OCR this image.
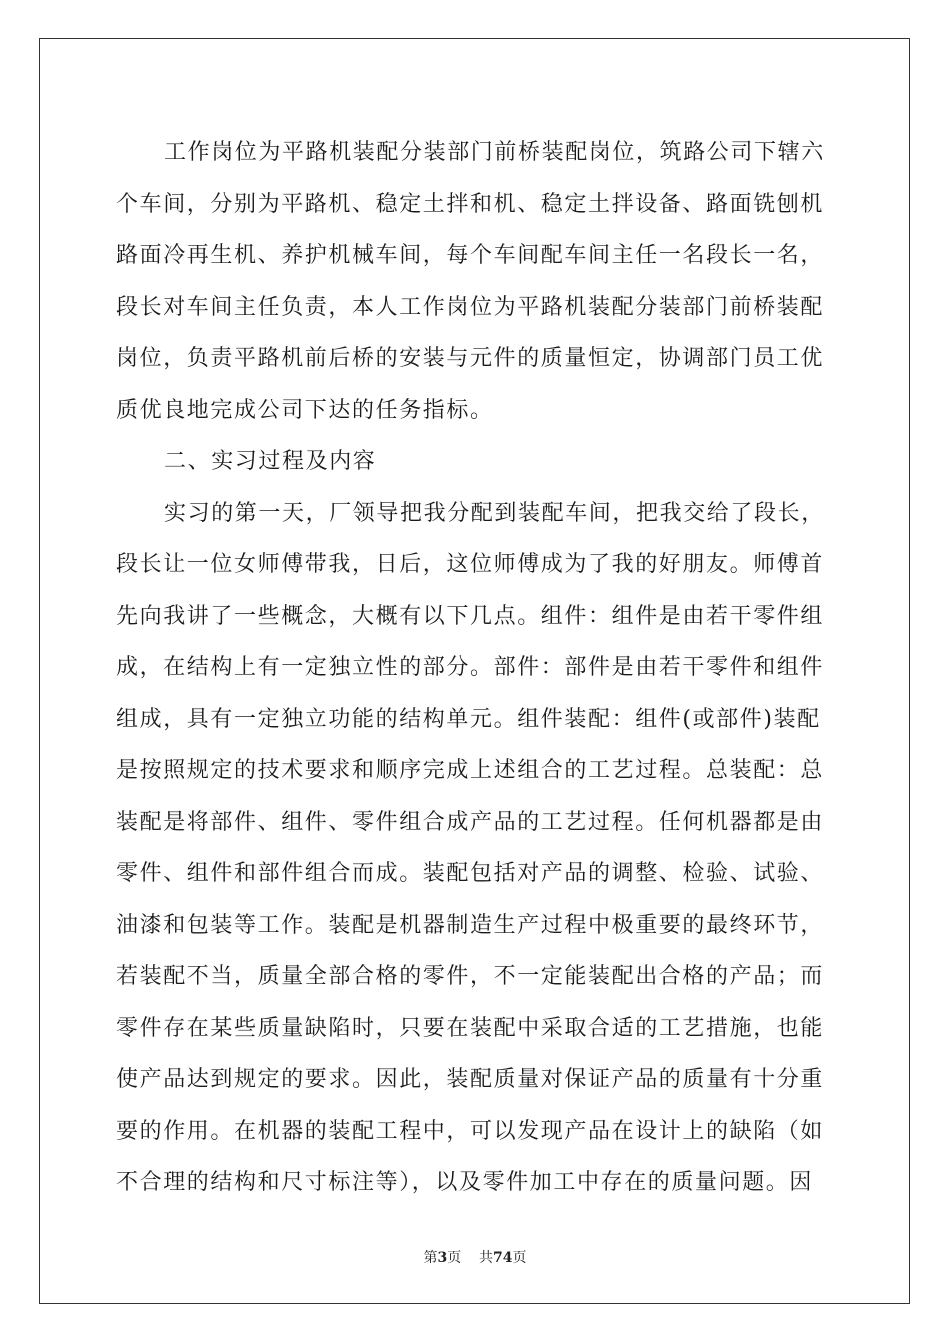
工作岗位为平路机装配分装部门前桥装配岗位，筑路公司下辖六
个车间，分别为平路机、稳定土拌和机、稳定土拌设备、路面铣刨机
路面冷再生机、养护机械车间，每个车间配车间主任一名段长一名，
段长对车间主任负责，本人工作岗位为平路机装配分装部门前桥装配
岗位，负责平路机前后桥的安装与元件的质量恒定，协调部门员工优
质优良地完成公司下达的任务指标。
二、实习过程及内容
实习的第一天，厂领导把我分配到装配车间，把我交给了段长，
段长让一位女师傅带我，日后，这位师傅成为了我的好朋友。师傅首
先向我讲了一些概念，大概有以下几点。组件：组件是由若干零件组
成，在结构上有一定独立性的部分。部件：部件是由若干零件和组件
组成，具有一定独立功能的结构单元。组件装配：组件(或部件)装配
是按照规定的技术要求和顺序完成上述组合的工艺过程。总装配：总
装配是将部件、组件、零件组合成产品的工艺过程。任何机器都是由
零件、组件和部件组合而成。装配包括对产品的调整、检验、试验、
油漆和包装等工作。装配是机器制造生产过程中极重要的最终环节，
若装配不当，质量全部合格的零件，不一定能装配出合格的产品；而
零件存在某些质量缺陷时，只要在装配中采取合适的工艺措施，也能
使产品达到规定的要求。因此，装配质量对保证产品的质量有十分重
要的作用。在机器的装配工程中，可以发现产品在设计上的缺陷（如
不合理的结构和尺寸标注等），以及零件加工中存在的质量问题。因
第3页 共74页
